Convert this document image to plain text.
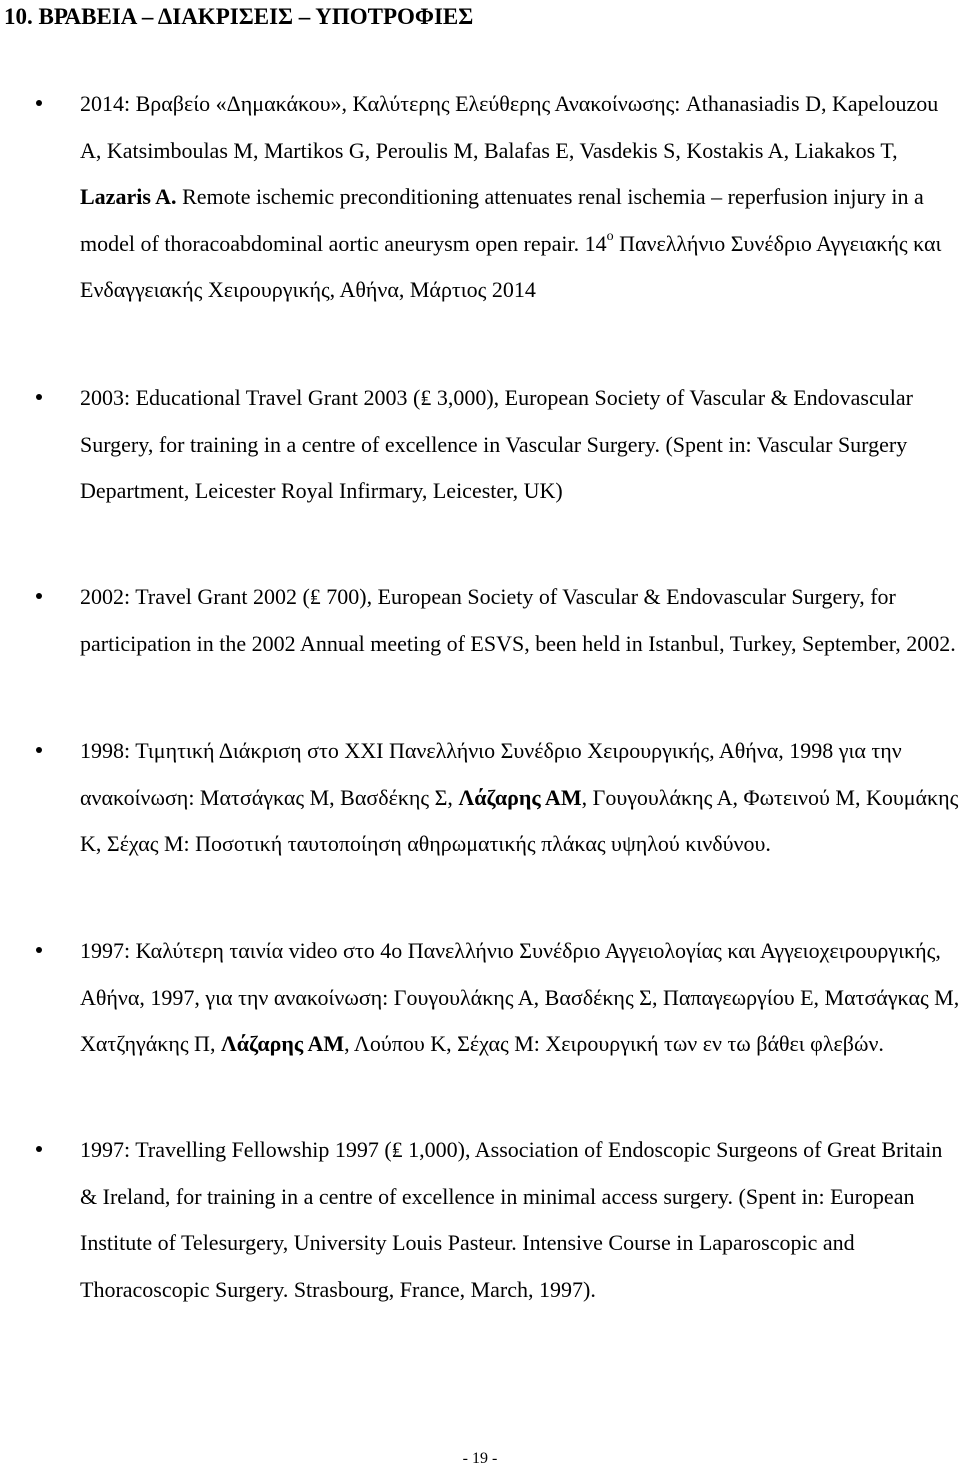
10. ΒΡΑΒΕΙΑ – ΔΙΑΚΡΙΣΕΙΣ – ΥΠΟΤΡΟΦΙΕΣ

2014: Βραβείο «Δημακάκου», Καλύτερης Ελεύθερης Ανακοίνωσης: Athanasiadis D, Kapelouzou A, Katsimboulas M, Martikos G, Peroulis M, Balafas E, Vasdekis S, Kostakis A, Liakakos T, Lazaris A. Remote ischemic preconditioning attenuates renal ischemia – reperfusion injury in a model of thoracoabdominal aortic aneurysm open repair. $14^o$ Πανελλήνιο Συνέδριο Αγγειακής και Ενδαγγειακής Χειρουργικής, Αθήνα, Μάρτιος 2014

2003: Educational Travel Grant 2003 (₤ 3,000), European Society of Vascular & Endovascular Surgery, for training in a centre of excellence in Vascular Surgery. (Spent in: Vascular Surgery Department, Leicester Royal Infirmary, Leicester, UK)

2002: Travel Grant 2002 (₤ 700), European Society of Vascular & Endovascular Surgery, for participation in the 2002 Annual meeting of ESVS, been held in Istanbul, Turkey, September, 2002.

1998: Τιμητική Διάκριση στο XXI Πανελλήνιο Συνέδριο Χειρουργικής, Αθήνα, 1998 για την ανακοίνωση: Ματσάγκας Μ, Βασδέκης Σ, Λάζαρης ΑΜ, Γουγουλάκης Α, Φωτεινού Μ, Κουμάκης Κ, Σέχας Μ: Ποσοτική ταυτοποίηση αθηρωματικής πλάκας υψηλού κινδύνου.

1997: Καλύτερη ταινία video στο 4ο Πανελλήνιο Συνέδριο Αγγειολογίας και Αγγειοχειρουργικής, Αθήνα, 1997, για την ανακοίνωση: Γουγουλάκης Α, Βασδέκης Σ, Παπαγεωργίου Ε, Ματσάγκας Μ, Χατζηγάκης Π, Λάζαρης ΑΜ, Λούπου Κ, Σέχας Μ: Χειρουργική των εν τω βάθει φλεβών.

1997: Travelling Fellowship 1997 (₤ 1,000), Association of Endoscopic Surgeons of Great Britain & Ireland, for training in a centre of excellence in minimal access surgery. (Spent in: European Institute of Telesurgery, University Louis Pasteur. Intensive Course in Laparoscopic and Thoracoscopic Surgery. Strasbourg, France, March, 1997).

- 19 -
